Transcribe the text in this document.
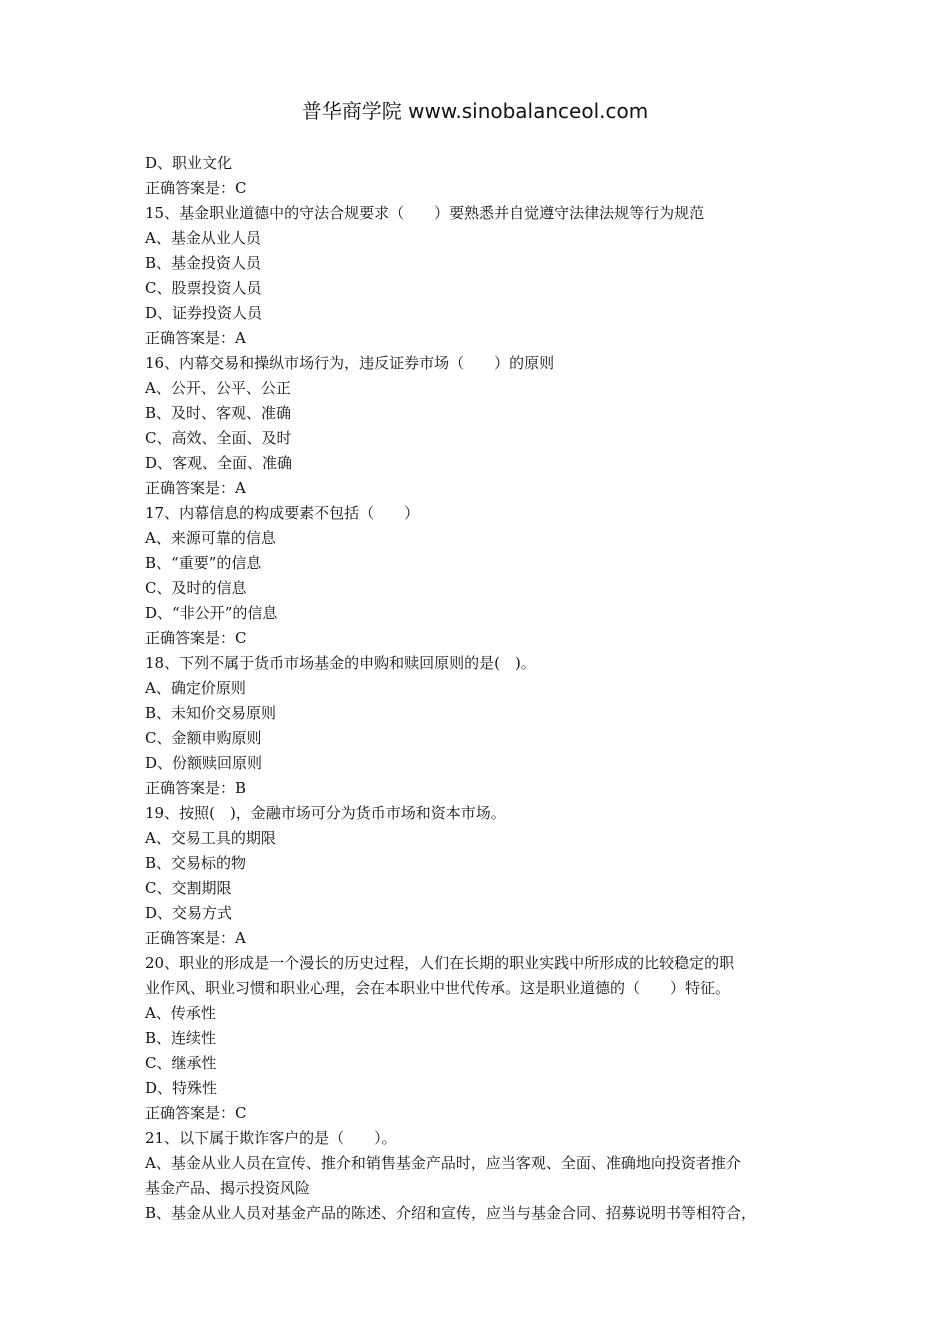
普华商学院 www.sinobalanceol.com
D、职业文化
正确答案是：C
15、基金职业道德中的守法合规要求（　　）要熟悉并自觉遵守法律法规等行为规范
A、基金从业人员
B、基金投资人员
C、股票投资人员
D、证券投资人员
正确答案是：A
16、内幕交易和操纵市场行为，违反证券市场（　　）的原则
A、公开、公平、公正
B、及时、客观、准确
C、高效、全面、及时
D、客观、全面、准确
正确答案是：A
17、内幕信息的构成要素不包括（　　）
A、来源可靠的信息
B、“重要”的信息
C、及时的信息
D、“非公开”的信息
正确答案是：C
18、下列不属于货币市场基金的申购和赎回原则的是(　)。
A、确定价原则
B、未知价交易原则
C、金额申购原则
D、份额赎回原则
正确答案是：B
19、按照(　)，金融市场可分为货币市场和资本市场。
A、交易工具的期限
B、交易标的物
C、交割期限
D、交易方式
正确答案是：A
20、职业的形成是一个漫长的历史过程，人们在长期的职业实践中所形成的比较稳定的职
业作风、职业习惯和职业心理，会在本职业中世代传承。这是职业道德的（　　）特征。
A、传承性
B、连续性
C、继承性
D、特殊性
正确答案是：C
21、以下属于欺诈客户的是（　　）。
A、基金从业人员在宣传、推介和销售基金产品时，应当客观、全面、准确地向投资者推介
基金产品、揭示投资风险
B、基金从业人员对基金产品的陈述、介绍和宣传，应当与基金合同、招募说明书等相符合，
